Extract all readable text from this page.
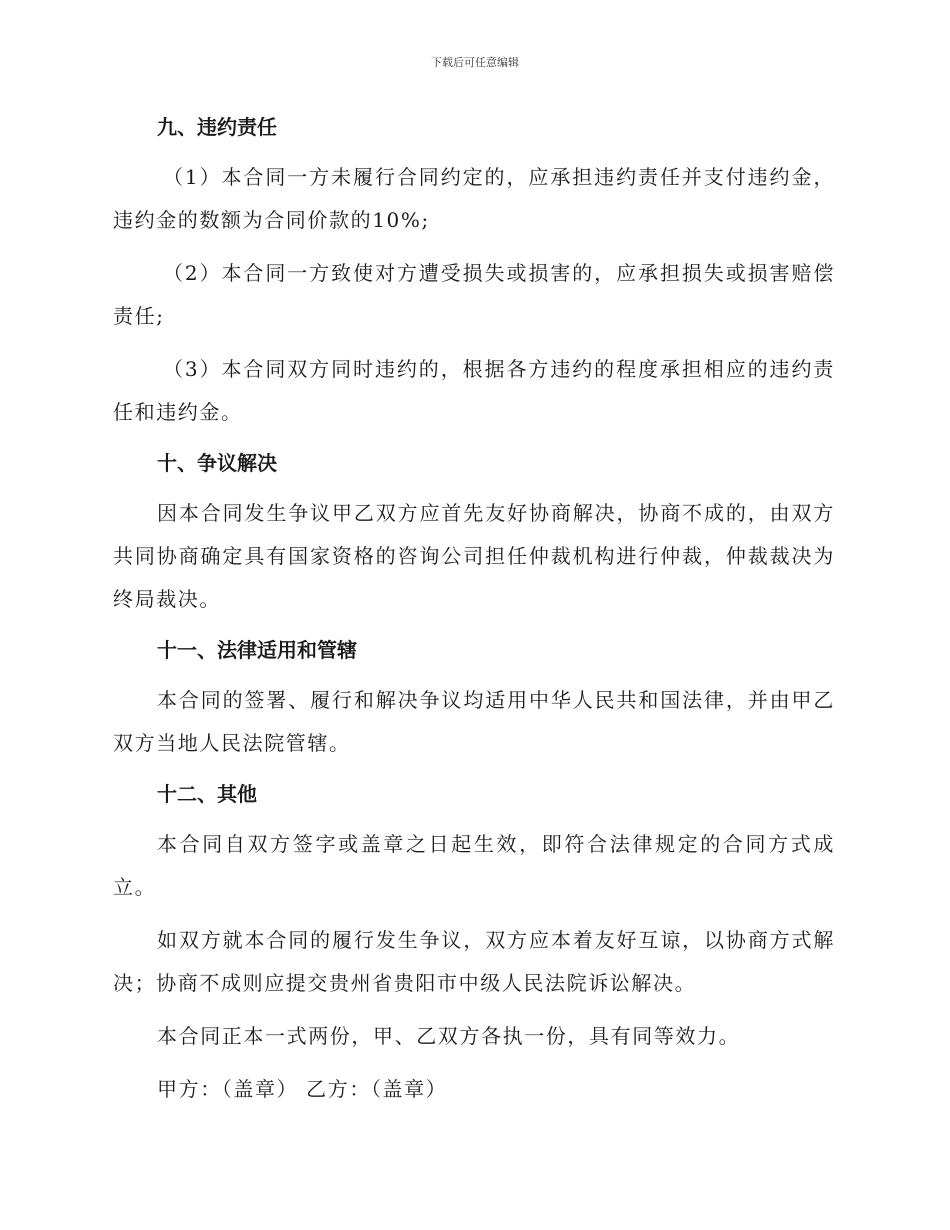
下载后可任意编辑
九、违约责任

（1）本合同一方未履行合同约定的，应承担违约责任并支付违约金，违约金的数额为合同价款的10%;

（2）本合同一方致使对方遭受损失或损害的，应承担损失或损害赔偿责任;

（3）本合同双方同时违约的，根据各方违约的程度承担相应的违约责任和违约金。

十、争议解决

因本合同发生争议甲乙双方应首先友好协商解决，协商不成的，由双方共同协商确定具有国家资格的咨询公司担任仲裁机构进行仲裁，仲裁裁决为终局裁决。

十一、法律适用和管辖

本合同的签署、履行和解决争议均适用中华人民共和国法律，并由甲乙双方当地人民法院管辖。

十二、其他

本合同自双方签字或盖章之日起生效，即符合法律规定的合同方式成立。

如双方就本合同的履行发生争议，双方应本着友好互谅，以协商方式解决；协商不成则应提交贵州省贵阳市中级人民法院诉讼解决。

本合同正本一式两份，甲、乙双方各执一份，具有同等效力。

甲方：（盖章） 乙方：（盖章）
